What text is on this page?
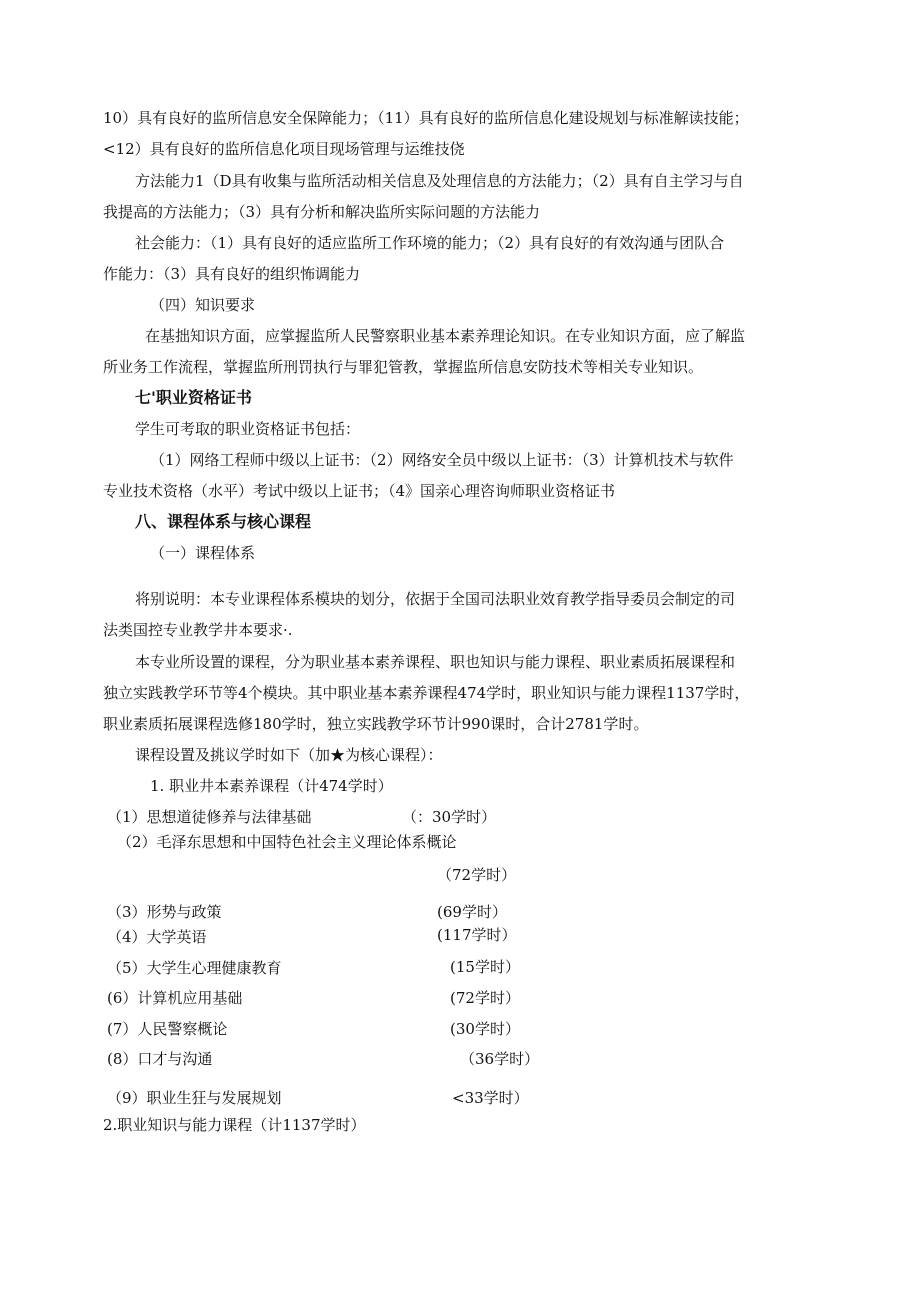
10）具有良好的监所信息安全保障能力；（11）具有良好的监所信息化建设规划与标准解读技能；
<12）具有良好的监所信息化项目现场管理与运维技侥
方法能力1（D具有收集与监所活动相关信息及处理信息的方法能力；（2）具有自主学习与自
我提高的方法能力；（3）具有分析和解决监所实际问题的方法能力
社会能力：（1）具有良好的适应监所工作环境的能力；（2）具有良好的有效沟通与团队合
作能力：（3）具有良好的组织怖调能力
（四）知识要求
在基拙知识方面，应掌握监所人民警察职业基本素养理论知识。在专业知识方面，应了解监
所业务工作流程，掌握监所刑罚执行与罪犯管教，掌握监所信息安防技术等相关专业知识。
七'职业资格证书
学生可考取的职业资格证书包括：
（1）网络工程师中级以上证书：（2）网络安全员中级以上证书：（3）计算机技术与软件
专业技术资格（水平）考试中级以上证书；（4》国亲心理咨询师职业资格证书
八、课程体系与核心课程
（一）课程体系
将别说明：本专业课程体系模块的划分，依据于全国司法职业效育教学指导委员会制定的司
法类国控专业教学井本要求·.
本专业所设置的课程，分为职业基本素养课程、职也知识与能力课程、职业素质拓展课程和
独立实践教学环节等4个模块。其中职业基本素养课程474学时，职业知识与能力课程1137学时，
职业素质拓展课程选修180学时，独立实践教学环节计990课时，合计2781学时。
课程设置及挑议学时如下（加★为核心课程）：
1. 职业井本素养课程（计474学时）
（1）思想道徒修养与法律基础	（：30学时）
（2）毛泽东思想和中国特色社会主义理论体系概论
（72学时）
（3）形势与政策	(69学时）
（4）大学英语	(117学时）
（5）大学生心理健康教育	(15学时）
(6）计算机应用基础	(72学时）
(7）人民警察概论	(30学时）
(8）口才与沟通	（36学时）
（9）职业生狂与发展规划	<33学时）
2.职业知识与能力课程（计1137学时）
